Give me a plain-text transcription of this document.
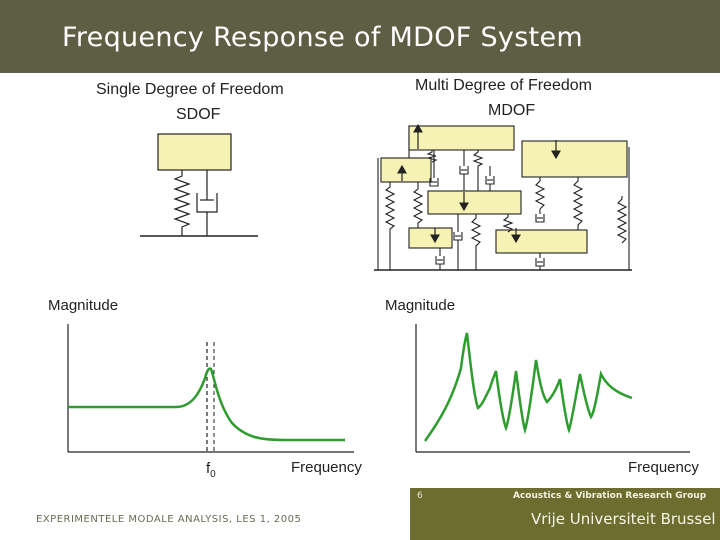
Frequency Response of MDOF System
Single Degree of Freedom
SDOF
Multi Degree of Freedom
MDOF
Magnitude	Magnitude
Frequency	Frequency
$f_0$
EXPERIMENTELE MODALE ANALYSIS, LES 1, 2005
6	Acoustics & Vibration Research Group
Vrije Universiteit Brussel
